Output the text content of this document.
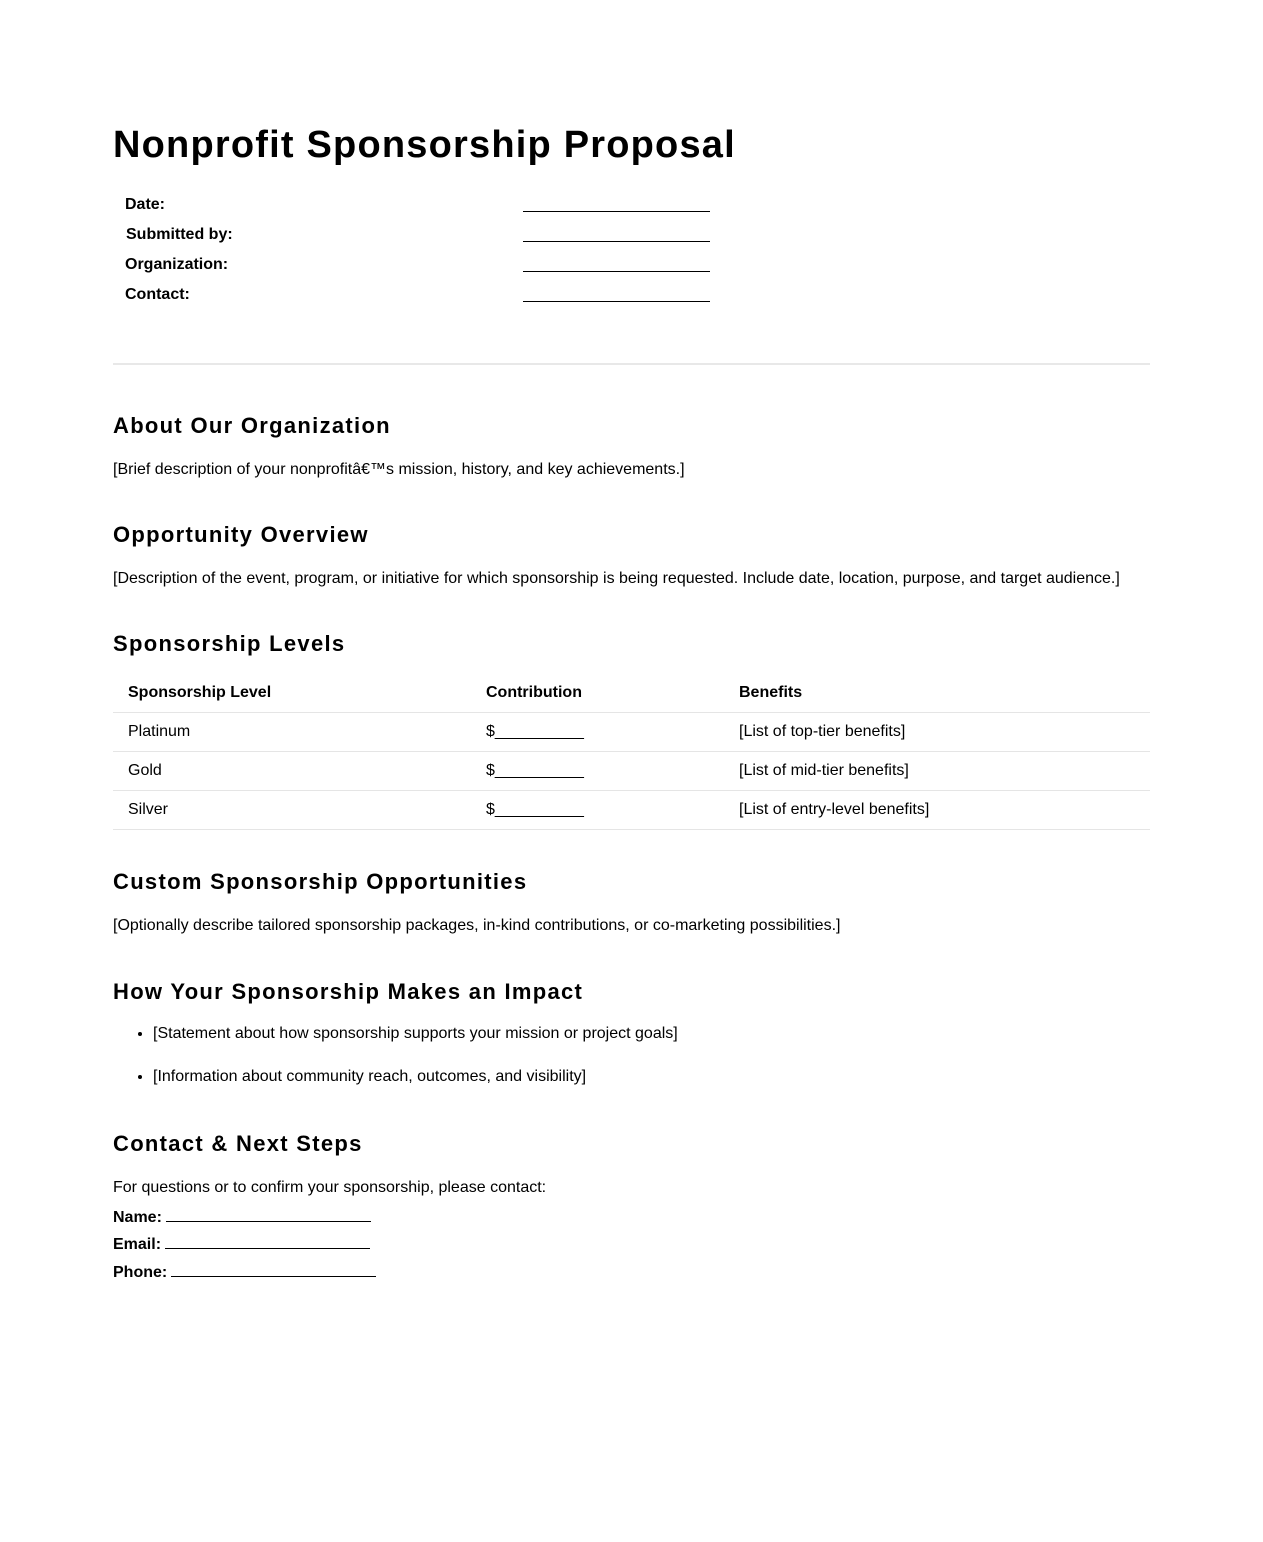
Nonprofit Sponsorship Proposal
Date:	
Submitted by:	
Organization:	
Contact:	
About Our Organization

[Brief description of your nonprofitâ€™s mission, history, and key achievements.]

Opportunity Overview

[Description of the event, program, or initiative for which sponsorship is being requested. Include date, location, purpose, and target audience.]

Sponsorship Levels
Sponsorship Level	Contribution	Benefits
Platinum	$__________	[List of top-tier benefits]
Gold	$__________	[List of mid-tier benefits]
Silver	$__________	[List of entry-level benefits]
Custom Sponsorship Opportunities

[Optionally describe tailored sponsorship packages, in-kind contributions, or co-marketing possibilities.]

How Your Sponsorship Makes an Impact
• [Statement about how sponsorship supports your mission or project goals]
• [Information about community reach, outcomes, and visibility]
Contact & Next Steps
For questions or to confirm your sponsorship, please contact:
Name:
Email:
Phone:
